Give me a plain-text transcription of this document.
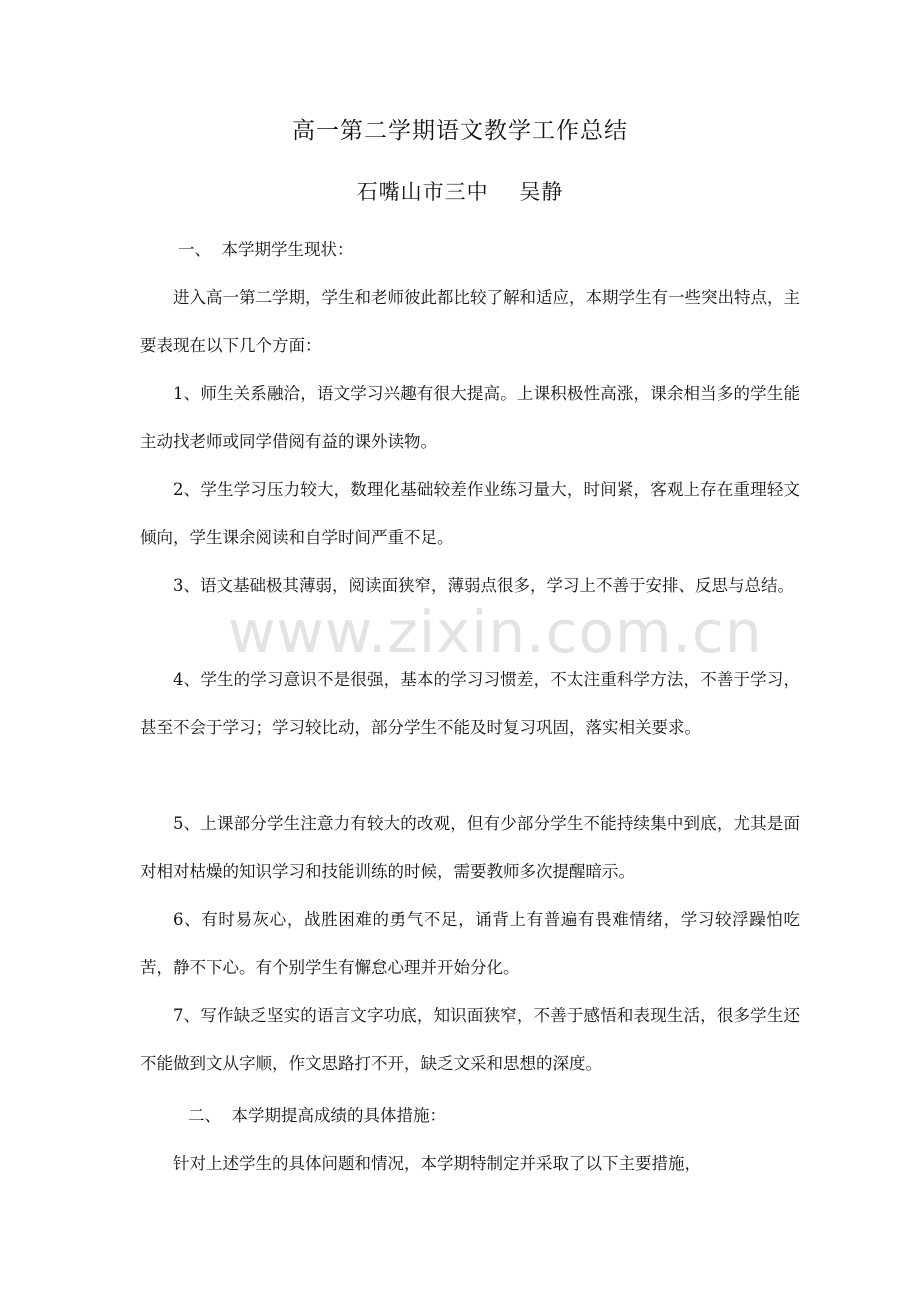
高一第二学期语文教学工作总结
石嘴山市三中    吴静
一、  本学期学生现状：

进入高一第二学期，学生和老师彼此都比较了解和适应，本期学生有一些突出特点，主要表现在以下几个方面：

1、师生关系融洽，语文学习兴趣有很大提高。上课积极性高涨，课余相当多的学生能主动找老师或同学借阅有益的课外读物。

2、学生学习压力较大，数理化基础较差作业练习量大，时间紧，客观上存在重理轻文倾向，学生课余阅读和自学时间严重不足。

3、语文基础极其薄弱，阅读面狭窄，薄弱点很多，学习上不善于安排、反思与总结。

4、学生的学习意识不是很强，基本的学习习惯差，不太注重科学方法，不善于学习，甚至不会于学习；学习较比动，部分学生不能及时复习巩固，落实相关要求。

5、上课部分学生注意力有较大的改观，但有少部分学生不能持续集中到底，尤其是面对相对枯燥的知识学习和技能训练的时候，需要教师多次提醒暗示。

6、有时易灰心，战胜困难的勇气不足，诵背上有普遍有畏难情绪，学习较浮躁怕吃苦，静不下心。有个别学生有懈怠心理并开始分化。

7、写作缺乏坚实的语言文字功底，知识面狭窄，不善于感悟和表现生活，很多学生还不能做到文从字顺，作文思路打不开，缺乏文采和思想的深度。

二、  本学期提高成绩的具体措施：

针对上述学生的具体问题和情况，本学期特制定并采取了以下主要措施，

www.zixin.com.cn
